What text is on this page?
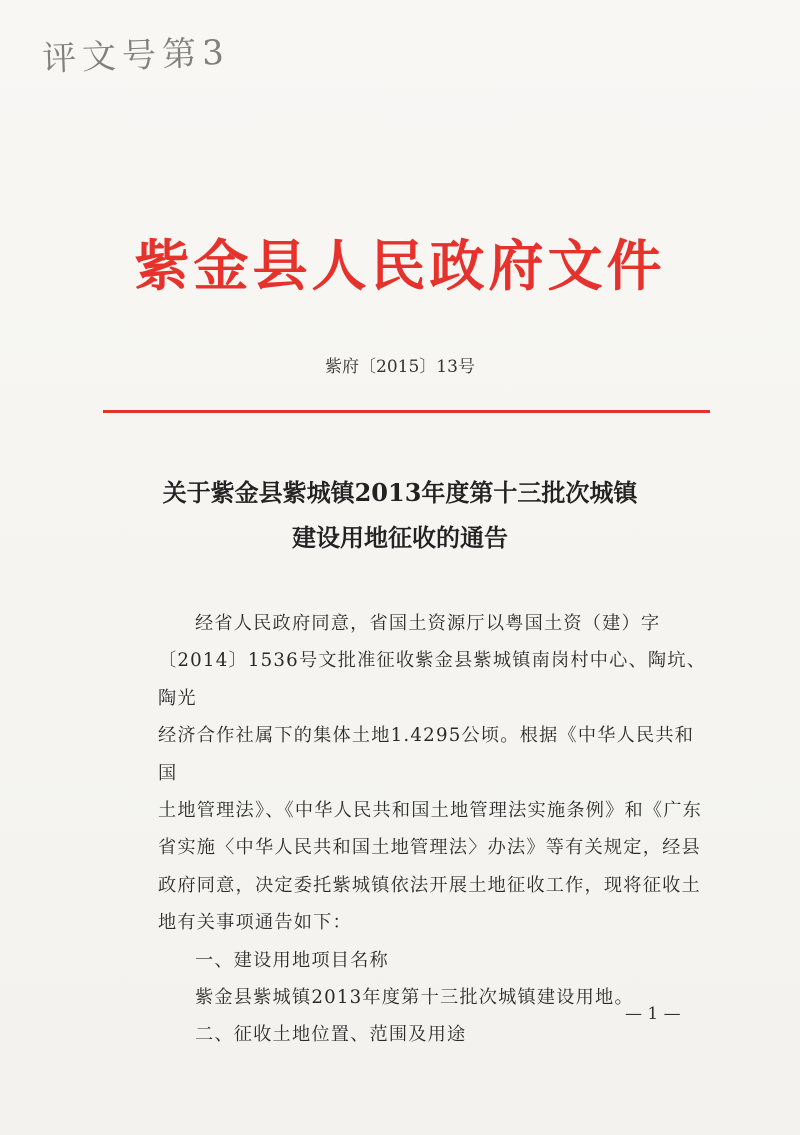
评文号第3
紫金县人民政府文件
紫府〔2015〕13号
关于紫金县紫城镇2013年度第十三批次城镇
建设用地征收的通告
经省人民政府同意，省国土资源厅以粤国土资（建）字
〔2014〕1536号文批准征收紫金县紫城镇南岗村中心、陶坑、陶光
经济合作社属下的集体土地1.4295公顷。根据《中华人民共和国
土地管理法》、《中华人民共和国土地管理法实施条例》和《广东
省实施〈中华人民共和国土地管理法〉办法》等有关规定，经县
政府同意，决定委托紫城镇依法开展土地征收工作，现将征收土
地有关事项通告如下：
一、建设用地项目名称
紫金县紫城镇2013年度第十三批次城镇建设用地。
二、征收土地位置、范围及用途
— 1 —
